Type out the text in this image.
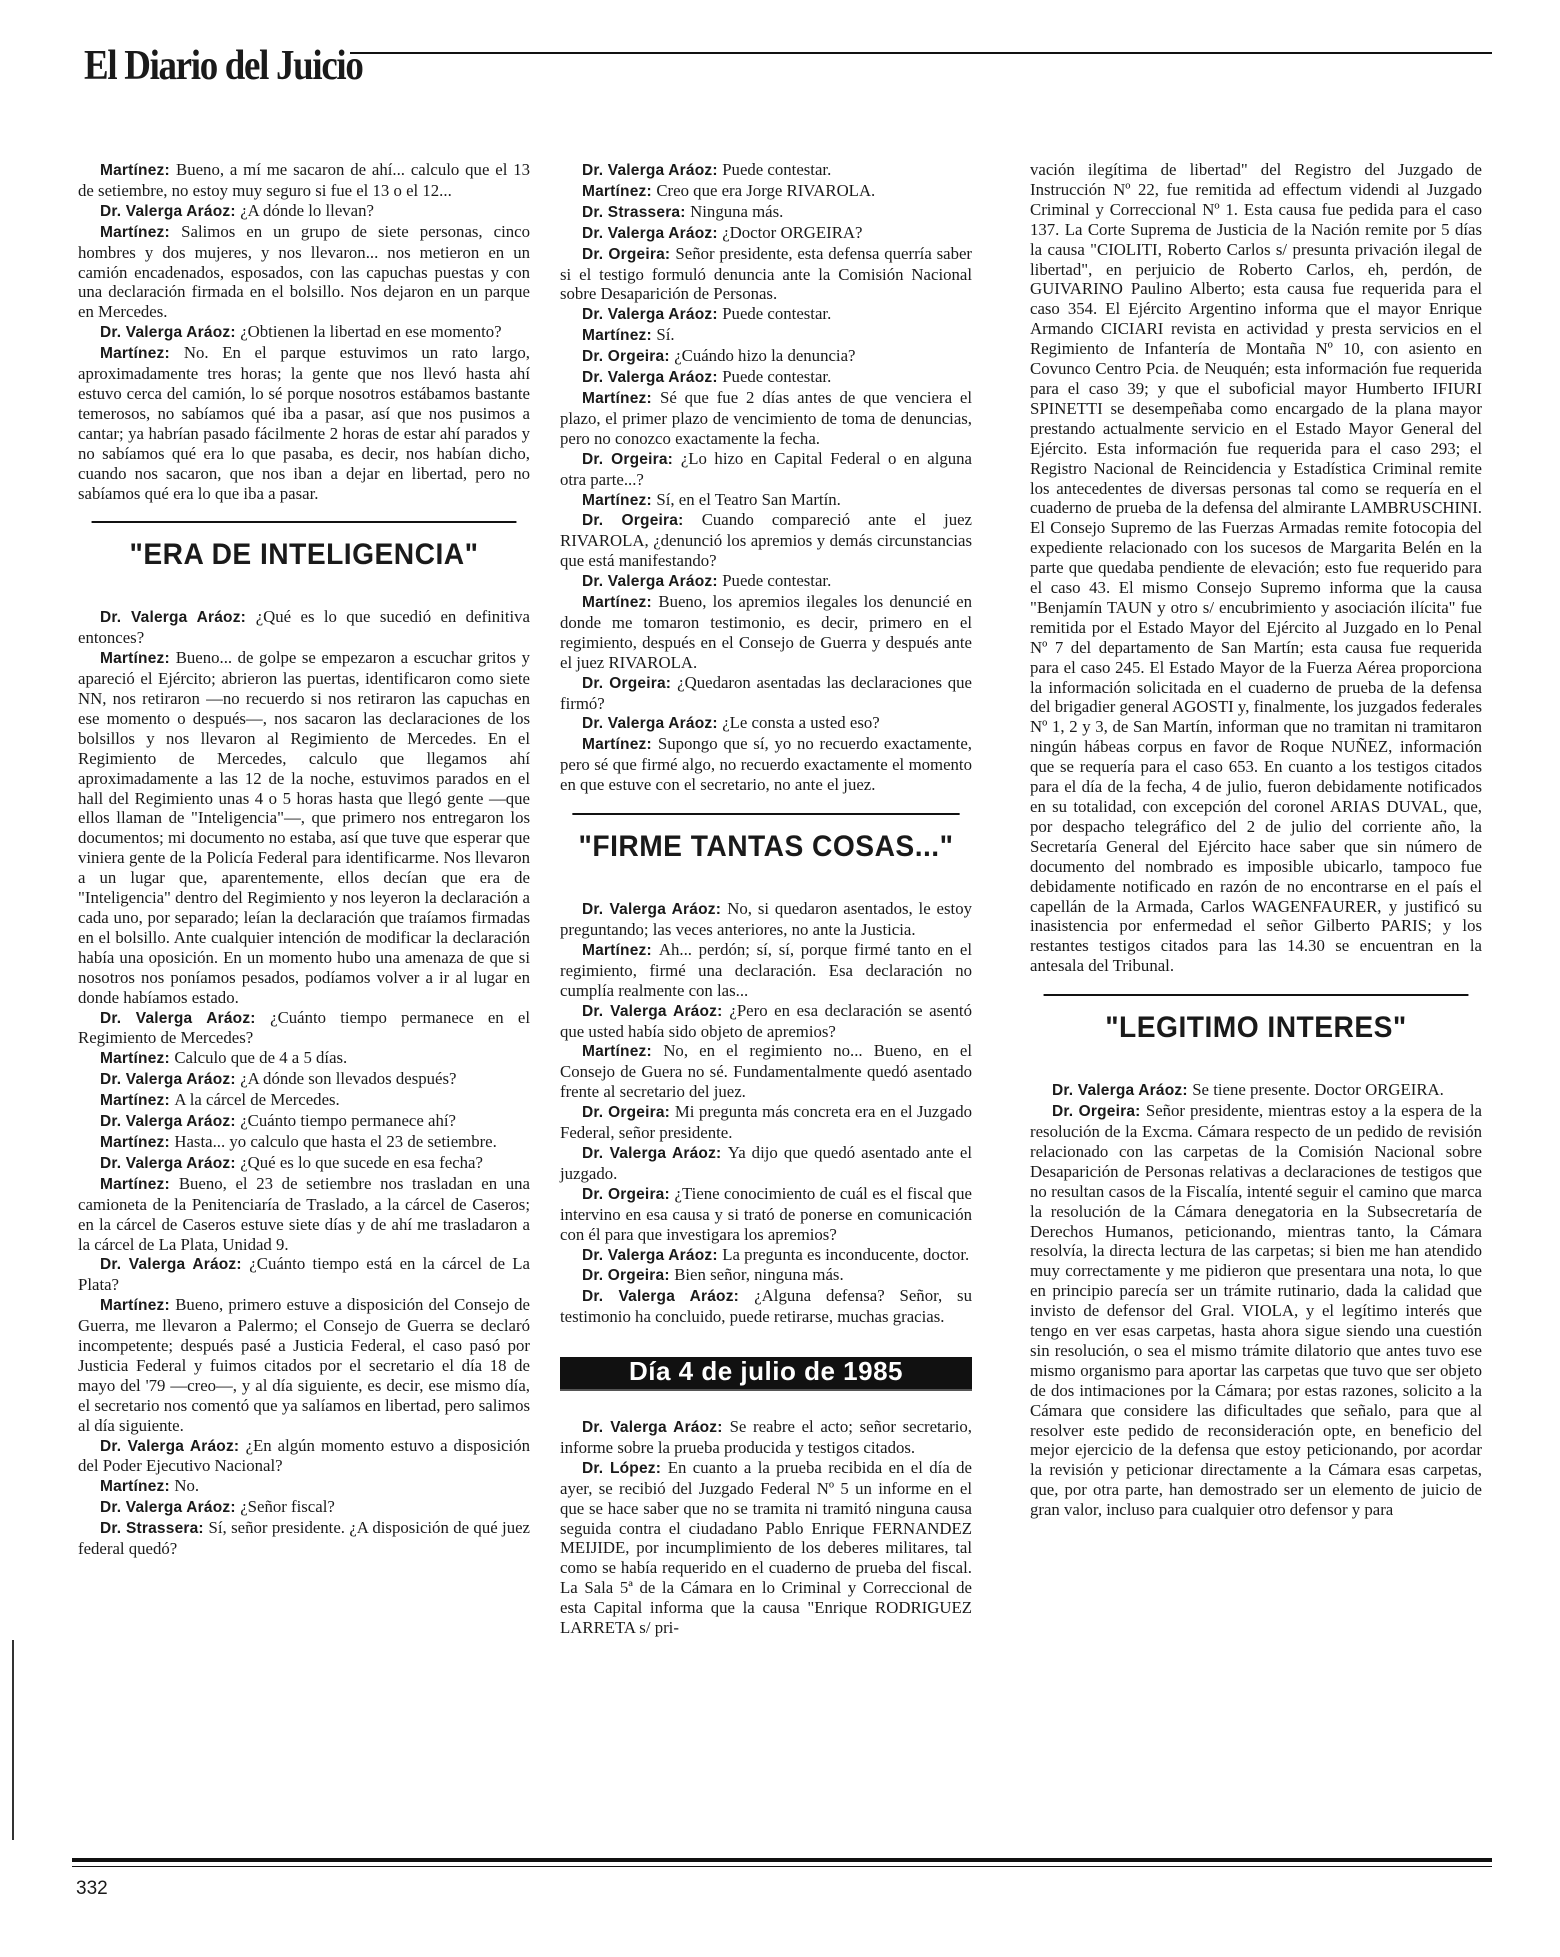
El Diario del Juicio

Martínez: Bueno, a mí me sacaron de ahí... calculo que el 13 de setiembre, no estoy muy seguro si fue el 13 o el 12...

Dr. Valerga Aráoz: ¿A dónde lo llevan?

Martínez: Salimos en un grupo de siete personas, cinco hombres y dos mujeres, y nos llevaron... nos metieron en un camión encadenados, esposados, con las capuchas puestas y con una declaración firmada en el bolsillo. Nos dejaron en un parque en Mercedes.

Dr. Valerga Aráoz: ¿Obtienen la libertad en ese momento?

Martínez: No. En el parque estuvimos un rato largo, aproximadamente tres horas; la gente que nos llevó hasta ahí estuvo cerca del camión, lo sé porque nosotros estábamos bastante temerosos, no sabíamos qué iba a pasar, así que nos pusimos a cantar; ya habrían pasado fácilmente 2 horas de estar ahí parados y no sabíamos qué era lo que pasaba, es decir, nos habían dicho, cuando nos sacaron, que nos iban a dejar en libertad, pero no sabíamos qué era lo que iba a pasar.

"ERA DE INTELIGENCIA"

Dr. Valerga Aráoz: ¿Qué es lo que sucedió en definitiva entonces?

Martínez: Bueno... de golpe se empezaron a escuchar gritos y apareció el Ejército; abrieron las puertas, identificaron como siete NN, nos retiraron —no recuerdo si nos retiraron las capuchas en ese momento o después—, nos sacaron las declaraciones de los bolsillos y nos llevaron al Regimiento de Mercedes. En el Regimiento de Mercedes, calculo que llegamos ahí aproximadamente a las 12 de la noche, estuvimos parados en el hall del Regimiento unas 4 o 5 horas hasta que llegó gente —que ellos llaman de "Inteligencia"—, que primero nos entregaron los documentos; mi documento no estaba, así que tuve que esperar que viniera gente de la Policía Federal para identificarme. Nos llevaron a un lugar que, aparentemente, ellos decían que era de "Inteligencia" dentro del Regimiento y nos leyeron la declaración a cada uno, por separado; leían la declaración que traíamos firmadas en el bolsillo. Ante cualquier intención de modificar la declaración había una oposición. En un momento hubo una amenaza de que si nosotros nos poníamos pesados, podíamos volver a ir al lugar en donde habíamos estado.

Dr. Valerga Aráoz: ¿Cuánto tiempo permanece en el Regimiento de Mercedes?

Martínez: Calculo que de 4 a 5 días.

Dr. Valerga Aráoz: ¿A dónde son llevados después?

Martínez: A la cárcel de Mercedes.

Dr. Valerga Aráoz: ¿Cuánto tiempo permanece ahí?

Martínez: Hasta... yo calculo que hasta el 23 de setiembre.

Dr. Valerga Aráoz: ¿Qué es lo que sucede en esa fecha?

Martínez: Bueno, el 23 de setiembre nos trasladan en una camioneta de la Penitenciaría de Traslado, a la cárcel de Caseros; en la cárcel de Caseros estuve siete días y de ahí me trasladaron a la cárcel de La Plata, Unidad 9.

Dr. Valerga Aráoz: ¿Cuánto tiempo está en la cárcel de La Plata?

Martínez: Bueno, primero estuve a disposición del Consejo de Guerra, me llevaron a Palermo; el Consejo de Guerra se declaró incompetente; después pasé a Justicia Federal, el caso pasó por Justicia Federal y fuimos citados por el secretario el día 18 de mayo del '79 —creo—, y al día siguiente, es decir, ese mismo día, el secretario nos comentó que ya salíamos en libertad, pero salimos al día siguiente.

Dr. Valerga Aráoz: ¿En algún momento estuvo a disposición del Poder Ejecutivo Nacional?

Martínez: No.

Dr. Valerga Aráoz: ¿Señor fiscal?

Dr. Strassera: Sí, señor presidente. ¿A disposición de qué juez federal quedó?

Dr. Valerga Aráoz: Puede contestar.

Martínez: Creo que era Jorge RIVAROLA.

Dr. Strassera: Ninguna más.

Dr. Valerga Aráoz: ¿Doctor ORGEIRA?

Dr. Orgeira: Señor presidente, esta defensa querría saber si el testigo formuló denuncia ante la Comisión Nacional sobre Desaparición de Personas.

Dr. Valerga Aráoz: Puede contestar.

Martínez: Sí.

Dr. Orgeira: ¿Cuándo hizo la denuncia?

Dr. Valerga Aráoz: Puede contestar.

Martínez: Sé que fue 2 días antes de que venciera el plazo, el primer plazo de vencimiento de toma de denuncias, pero no conozco exactamente la fecha.

Dr. Orgeira: ¿Lo hizo en Capital Federal o en alguna otra parte...?

Martínez: Sí, en el Teatro San Martín.

Dr. Orgeira: Cuando compareció ante el juez RIVAROLA, ¿denunció los apremios y demás circunstancias que está manifestando?

Dr. Valerga Aráoz: Puede contestar.

Martínez: Bueno, los apremios ilegales los denuncié en donde me tomaron testimonio, es decir, primero en el regimiento, después en el Consejo de Guerra y después ante el juez RIVAROLA.

Dr. Orgeira: ¿Quedaron asentadas las declaraciones que firmó?

Dr. Valerga Aráoz: ¿Le consta a usted eso?

Martínez: Supongo que sí, yo no recuerdo exactamente, pero sé que firmé algo, no recuerdo exactamente el momento en que estuve con el secretario, no ante el juez.

"FIRME TANTAS COSAS..."

Dr. Valerga Aráoz: No, si quedaron asentados, le estoy preguntando; las veces anteriores, no ante la Justicia.

Martínez: Ah... perdón; sí, sí, porque firmé tanto en el regimiento, firmé una declaración. Esa declaración no cumplía realmente con las...

Dr. Valerga Aráoz: ¿Pero en esa declaración se asentó que usted había sido objeto de apremios?

Martínez: No, en el regimiento no... Bueno, en el Consejo de Guera no sé. Fundamentalmente quedó asentado frente al secretario del juez.

Dr. Orgeira: Mi pregunta más concreta era en el Juzgado Federal, señor presidente.

Dr. Valerga Aráoz: Ya dijo que quedó asentado ante el juzgado.

Dr. Orgeira: ¿Tiene conocimiento de cuál es el fiscal que intervino en esa causa y si trató de ponerse en comunicación con él para que investigara los apremios?

Dr. Valerga Aráoz: La pregunta es inconducente, doctor.

Dr. Orgeira: Bien señor, ninguna más.

Dr. Valerga Aráoz: ¿Alguna defensa? Señor, su testimonio ha concluido, puede retirarse, muchas gracias.

Día 4 de julio de 1985

Dr. Valerga Aráoz: Se reabre el acto; señor secretario, informe sobre la prueba producida y testigos citados.

Dr. López: En cuanto a la prueba recibida en el día de ayer, se recibió del Juzgado Federal Nº 5 un informe en el que se hace saber que no se tramita ni tramitó ninguna causa seguida contra el ciudadano Pablo Enrique FERNANDEZ MEIJIDE, por incumplimiento de los deberes militares, tal como se había requerido en el cuaderno de prueba del fiscal. La Sala 5ª de la Cámara en lo Criminal y Correccional de esta Capital informa que la causa "Enrique RODRIGUEZ LARRETA s/ pri-

vación ilegítima de libertad" del Registro del Juzgado de Instrucción Nº 22, fue remitida ad effectum videndi al Juzgado Criminal y Correccional Nº 1. Esta causa fue pedida para el caso 137. La Corte Suprema de Justicia de la Nación remite por 5 días la causa "CIOLITI, Roberto Carlos s/ presunta privación ilegal de libertad", en perjuicio de Roberto Carlos, eh, perdón, de GUIVARINO Paulino Alberto; esta causa fue requerida para el caso 354. El Ejército Argentino informa que el mayor Enrique Armando CICIARI revista en actividad y presta servicios en el Regimiento de Infantería de Montaña Nº 10, con asiento en Covunco Centro Pcia. de Neuquén; esta información fue requerida para el caso 39; y que el suboficial mayor Humberto IFIURI SPINETTI se desempeñaba como encargado de la plana mayor prestando actualmente servicio en el Estado Mayor General del Ejército. Esta información fue requerida para el caso 293; el Registro Nacional de Reincidencia y Estadística Criminal remite los antecedentes de diversas personas tal como se requería en el cuaderno de prueba de la defensa del almirante LAMBRUSCHINI. El Consejo Supremo de las Fuerzas Armadas remite fotocopia del expediente relacionado con los sucesos de Margarita Belén en la parte que quedaba pendiente de elevación; esto fue requerido para el caso 43. El mismo Consejo Supremo informa que la causa "Benjamín TAUN y otro s/ encubrimiento y asociación ilícita" fue remitida por el Estado Mayor del Ejército al Juzgado en lo Penal Nº 7 del departamento de San Martín; esta causa fue requerida para el caso 245. El Estado Mayor de la Fuerza Aérea proporciona la información solicitada en el cuaderno de prueba de la defensa del brigadier general AGOSTI y, finalmente, los juzgados federales Nº 1, 2 y 3, de San Martín, informan que no tramitan ni tramitaron ningún hábeas corpus en favor de Roque NUÑEZ, información que se requería para el caso 653. En cuanto a los testigos citados para el día de la fecha, 4 de julio, fueron debidamente notificados en su totalidad, con excepción del coronel ARIAS DUVAL, que, por despacho telegráfico del 2 de julio del corriente año, la Secretaría General del Ejército hace saber que sin número de documento del nombrado es imposible ubicarlo, tampoco fue debidamente notificado en razón de no encontrarse en el país el capellán de la Armada, Carlos WAGENFAURER, y justificó su inasistencia por enfermedad el señor Gilberto PARIS; y los restantes testigos citados para las 14.30 se encuentran en la antesala del Tribunal.

"LEGITIMO INTERES"

Dr. Valerga Aráoz: Se tiene presente. Doctor ORGEIRA.

Dr. Orgeira: Señor presidente, mientras estoy a la espera de la resolución de la Excma. Cámara respecto de un pedido de revisión relacionado con las carpetas de la Comisión Nacional sobre Desaparición de Personas relativas a declaraciones de testigos que no resultan casos de la Fiscalía, intenté seguir el camino que marca la resolución de la Cámara denegatoria en la Subsecretaría de Derechos Humanos, peticionando, mientras tanto, la Cámara resolvía, la directa lectura de las carpetas; si bien me han atendido muy correctamente y me pidieron que presentara una nota, lo que en principio parecía ser un trámite rutinario, dada la calidad que invisto de defensor del Gral. VIOLA, y el legítimo interés que tengo en ver esas carpetas, hasta ahora sigue siendo una cuestión sin resolución, o sea el mismo trámite dilatorio que antes tuvo ese mismo organismo para aportar las carpetas que tuvo que ser objeto de dos intimaciones por la Cámara; por estas razones, solicito a la Cámara que considere las dificultades que señalo, para que al resolver este pedido de reconsideración opte, en beneficio del mejor ejercicio de la defensa que estoy peticionando, por acordar la revisión y peticionar directamente a la Cámara esas carpetas, que, por otra parte, han demostrado ser un elemento de juicio de gran valor, incluso para cualquier otro defensor y para

332
